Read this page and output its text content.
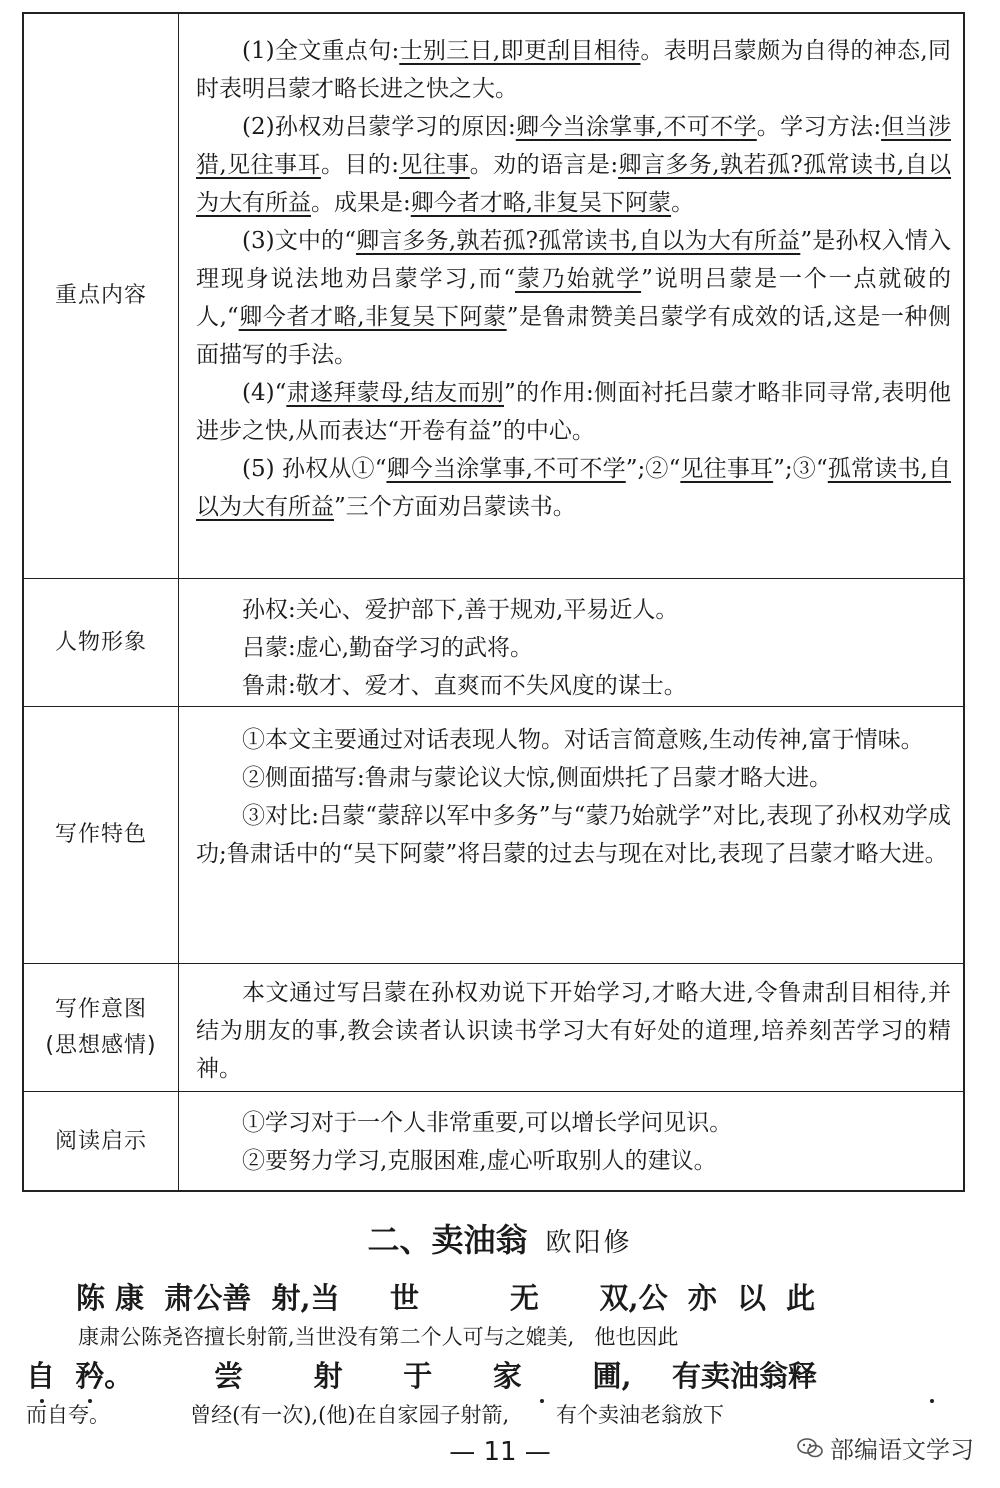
重点内容

(1)全文重点句:士别三日,即更刮目相待。表明吕蒙颇为自得的神态,同时表明吕蒙才略长进之快之大。

(2)孙权劝吕蒙学习的原因:卿今当涂掌事,不可不学。学习方法:但当涉猎,见往事耳。目的:见往事。劝的语言是:卿言多务,孰若孤?孤常读书,自以为大有所益。成果是:卿今者才略,非复吴下阿蒙。

(3)文中的“卿言多务,孰若孤?孤常读书,自以为大有所益”是孙权入情入理现身说法地劝吕蒙学习,而“蒙乃始就学”说明吕蒙是一个一点就破的人,“卿今者才略,非复吴下阿蒙”是鲁肃赞美吕蒙学有成效的话,这是一种侧面描写的手法。

(4)“肃遂拜蒙母,结友而别”的作用:侧面衬托吕蒙才略非同寻常,表明他进步之快,从而表达“开卷有益”的中心。

(5) 孙权从①“卿今当涂掌事,不可不学”;②“见往事耳”;③“孤常读书,自以为大有所益”三个方面劝吕蒙读书。

人物形象

孙权:关心、爱护部下,善于规劝,平易近人。

吕蒙:虚心,勤奋学习的武将。

鲁肃:敬才、爱才、直爽而不失风度的谋士。

写作特色

①本文主要通过对话表现人物。对话言简意赅,生动传神,富于情味。

②侧面描写:鲁肃与蒙论议大惊,侧面烘托了吕蒙才略大进。

③对比:吕蒙“蒙辞以军中多务”与“蒙乃始就学”对比,表现了孙权劝学成功;鲁肃话中的“吴下阿蒙”将吕蒙的过去与现在对比,表现了吕蒙才略大进。

写作意图
(思想感情)

本文通过写吕蒙在孙权劝说下开始学习,才略大进,令鲁肃刮目相待,并结为朋友的事,教会读者认识读书学习大有好处的道理,培养刻苦学习的精神。

阅读启示

①学习对于一个人非常重要,可以增长学问见识。

②要努力学习,克服困难,虚心听取别人的建议。

二、卖油翁 欧阳修
陈 康  肃公善  射,当     世         无      双,公  亦  以  此
康肃公陈尧咨擅长射箭,当世没有第二个人可与之媲美,   他也因此
自  矜。        尝       射      于      家       圃,    有卖油翁释
而自夸。            曾经(有一次),(他)在自家园子射箭,       有个卖油老翁放下
— 11 —	部编语文学习
